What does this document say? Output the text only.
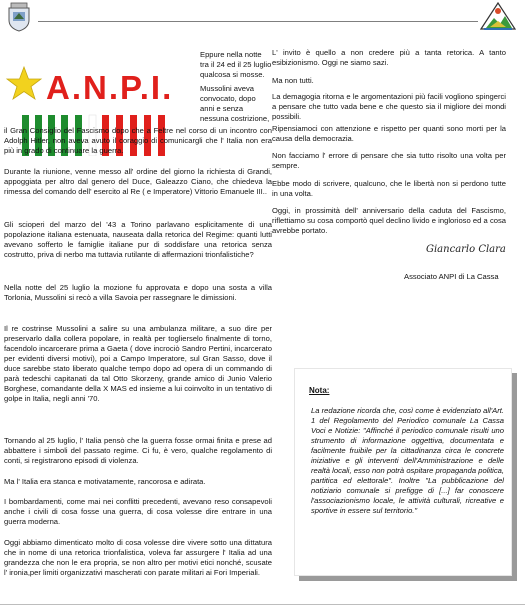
A.N.P.I.
Eppure nella notte
tra il 24 ed il 25 luglio
qualcosa si mosse.
Mussolini aveva
convocato, dopo
anni e senza
nessuna costrizione,

il Gran Consiglio del Fascismo dopo che a Feltre nel corso di un incontro con Adolph Hitler, non aveva avuto il coraggio di comunicargli che l' Italia non era più in grado di continuare la guerra.

Durante la riunione, venne messo all' ordine del giorno la richiesta di Grandi, appoggiata per altro dal genero del Duce, Galeazzo Ciano, che chiedeva la rimessa del comando dell' esercito al Re ( e Imperatore) Vittorio Emanuele III..

Gli scioperi del marzo del '43 a Torino parlavano esplicitamente di una popolazione italiana estenuata, nauseata dalla retorica del Regime: quanti lutti avevano sofferto le famiglie italiane pur di soddisfare una retorica senza costrutto, priva di nerbo ma tuttavia rutilante di affermazioni trionfalistiche?

Nella notte del 25 luglio la mozione fu approvata e dopo una sosta a villa Torlonia, Mussolini si recò a villa Savoia per rassegnare le dimissioni.

Il re costrinse Mussolini a salire su una ambulanza militare, a suo dire per preservarlo dalla collera popolare, in realtà per toglierselo finalmente di torno, facendolo incarcerare prima a Gaeta ( dove incrociò Sandro Pertini, incarcerato per evidenti diversi motivi), poi a Campo Imperatore, sul Gran Sasso, dove il duce sarebbe stato liberato qualche tempo dopo ad opera di un commando di parà tedeschi capitanati da tal Otto Skorzeny, grande amico di Junio Valerio Borghese, comandante della X MAS ed insieme a lui coinvolto in un tentativo di golpe in Italia, negli anni '70.

Tornando al 25 luglio, l' Italia pensò che la guerra fosse ormai finita e prese ad abbattere i simboli del passato regime. Ci fu, è vero, qualche regolamento di conti, si registrarono episodi di violenza.

Ma l' Italia era stanca e motivatamente, rancorosa e adirata.

I bombardamenti, come mai nei conflitti precedenti, avevano reso consapevoli anche i civili di cosa fosse una guerra, di cosa volesse dire entrare in una guerra moderna.

Oggi abbiamo dimenticato molto di cosa volesse dire vivere sotto una dittatura che in nome di una retorica trionfalistica, voleva far assurgere l' Italia ad una grandezza che non le era propria, se non altro per motivi etici nonché, scusate l' ironia,per limiti organizzativi mascherati con parate militari ai Fori Imperiali.

L' invito è quello a non credere più a tanta retorica. A tanto esibizionismo. Oggi ne siamo sazi.

Ma non tutti.

La demagogia ritorna e le argomentazioni più facili vogliono spingerci a pensare che tutto vada bene e che questo sia il migliore dei mondi possibili.

Ripensiamoci con attenzione e rispetto per quanti sono morti per la causa della democrazia.

Non facciamo l' errore di pensare che sia tutto risolto una volta per sempre.

Ebbe modo di scrivere, qualcuno, che le libertà non si perdono tutte in una volta.

Oggi, in prossimità dell' anniversario della caduta del Fascismo, riflettiamo su cosa comportò quel declino livido e inglorioso ed a cosa avrebbe portato.

Giancarlo Clara
Associato ANPI di La Cassa
Nota:

La redazione ricorda che, così come è evidenziato all'Art. 1 del Regolamento del Periodico comunale La Cassa Voci e Notizie: "Affinché il periodico comunale risulti uno strumento di informazione oggettiva, documentata e facilmente fruibile per la cittadinanza circa le concrete iniziative e gli interventi dell'Amministrazione e delle realtà locali, esso non potrà ospitare propaganda politica, partitica ed elettorale". Inoltre "La pubblicazione del notiziario comunale si prefigge di [...] far conoscere l'associazionismo locale, le attività culturali, ricreative e sportive in essere sul territorio."
